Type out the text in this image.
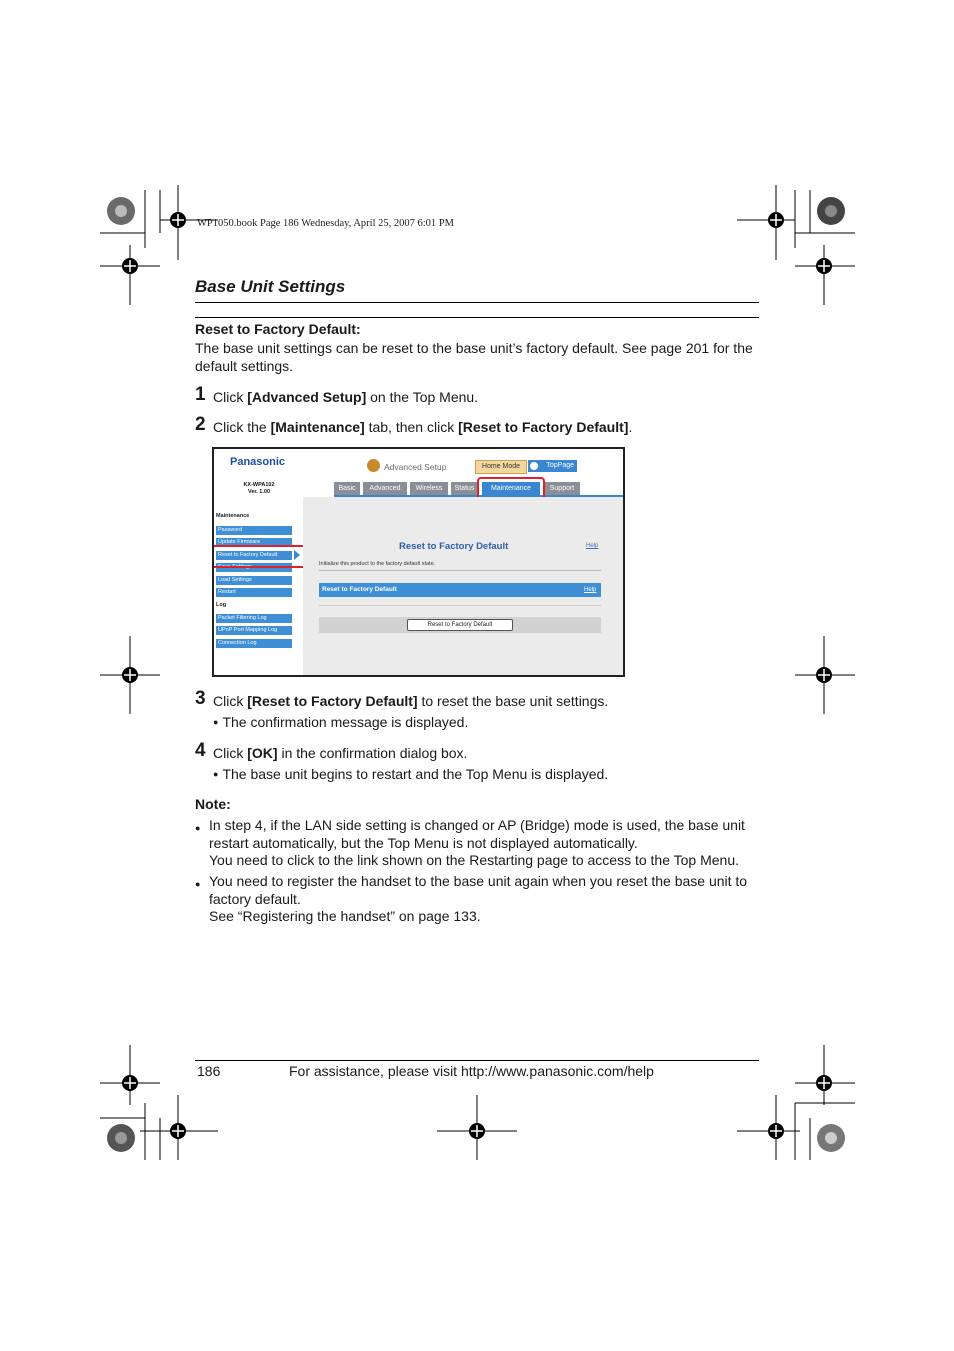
WP1050.book Page 186 Wednesday, April 25, 2007 6:01 PM
Base Unit Settings
Reset to Factory Default:
The base unit settings can be reset to the base unit’s factory default. See page 201 for the default settings.
1 Click [Advanced Setup] on the Top Menu.
2 Click the [Maintenance] tab, then click [Reset to Factory Default].
Panasonic
KX-WPA102
Ver. 1.00
Advanced Setup	Home Mode	TopPage
Basic	Advanced	Wireless	Status	Maintenance	Support
Maintenance
Password
Update Firmware
Reset to Factory Default
Save Settings
Load Settings
Restart
Log
Packet Filtering Log
UPnP Port Mapping Log
Connection Log
Reset to Factory Default	Help
Initialize this product to the factory default state.
Reset to Factory Default	Help
Reset to Factory Default
3 Click [Reset to Factory Default] to reset the base unit settings.
● The confirmation message is displayed.
4 Click [OK] in the confirmation dialog box.
● The base unit begins to restart and the Top Menu is displayed.
Note:
● In step 4, if the LAN side setting is changed or AP (Bridge) mode is used, the base unit restart automatically, but the Top Menu is not displayed automatically.
You need to click to the link shown on the Restarting page to access to the Top Menu.
● You need to register the handset to the base unit again when you reset the base unit to factory default.
See “Registering the handset” on page 133.
186	For assistance, please visit http://www.panasonic.com/help
